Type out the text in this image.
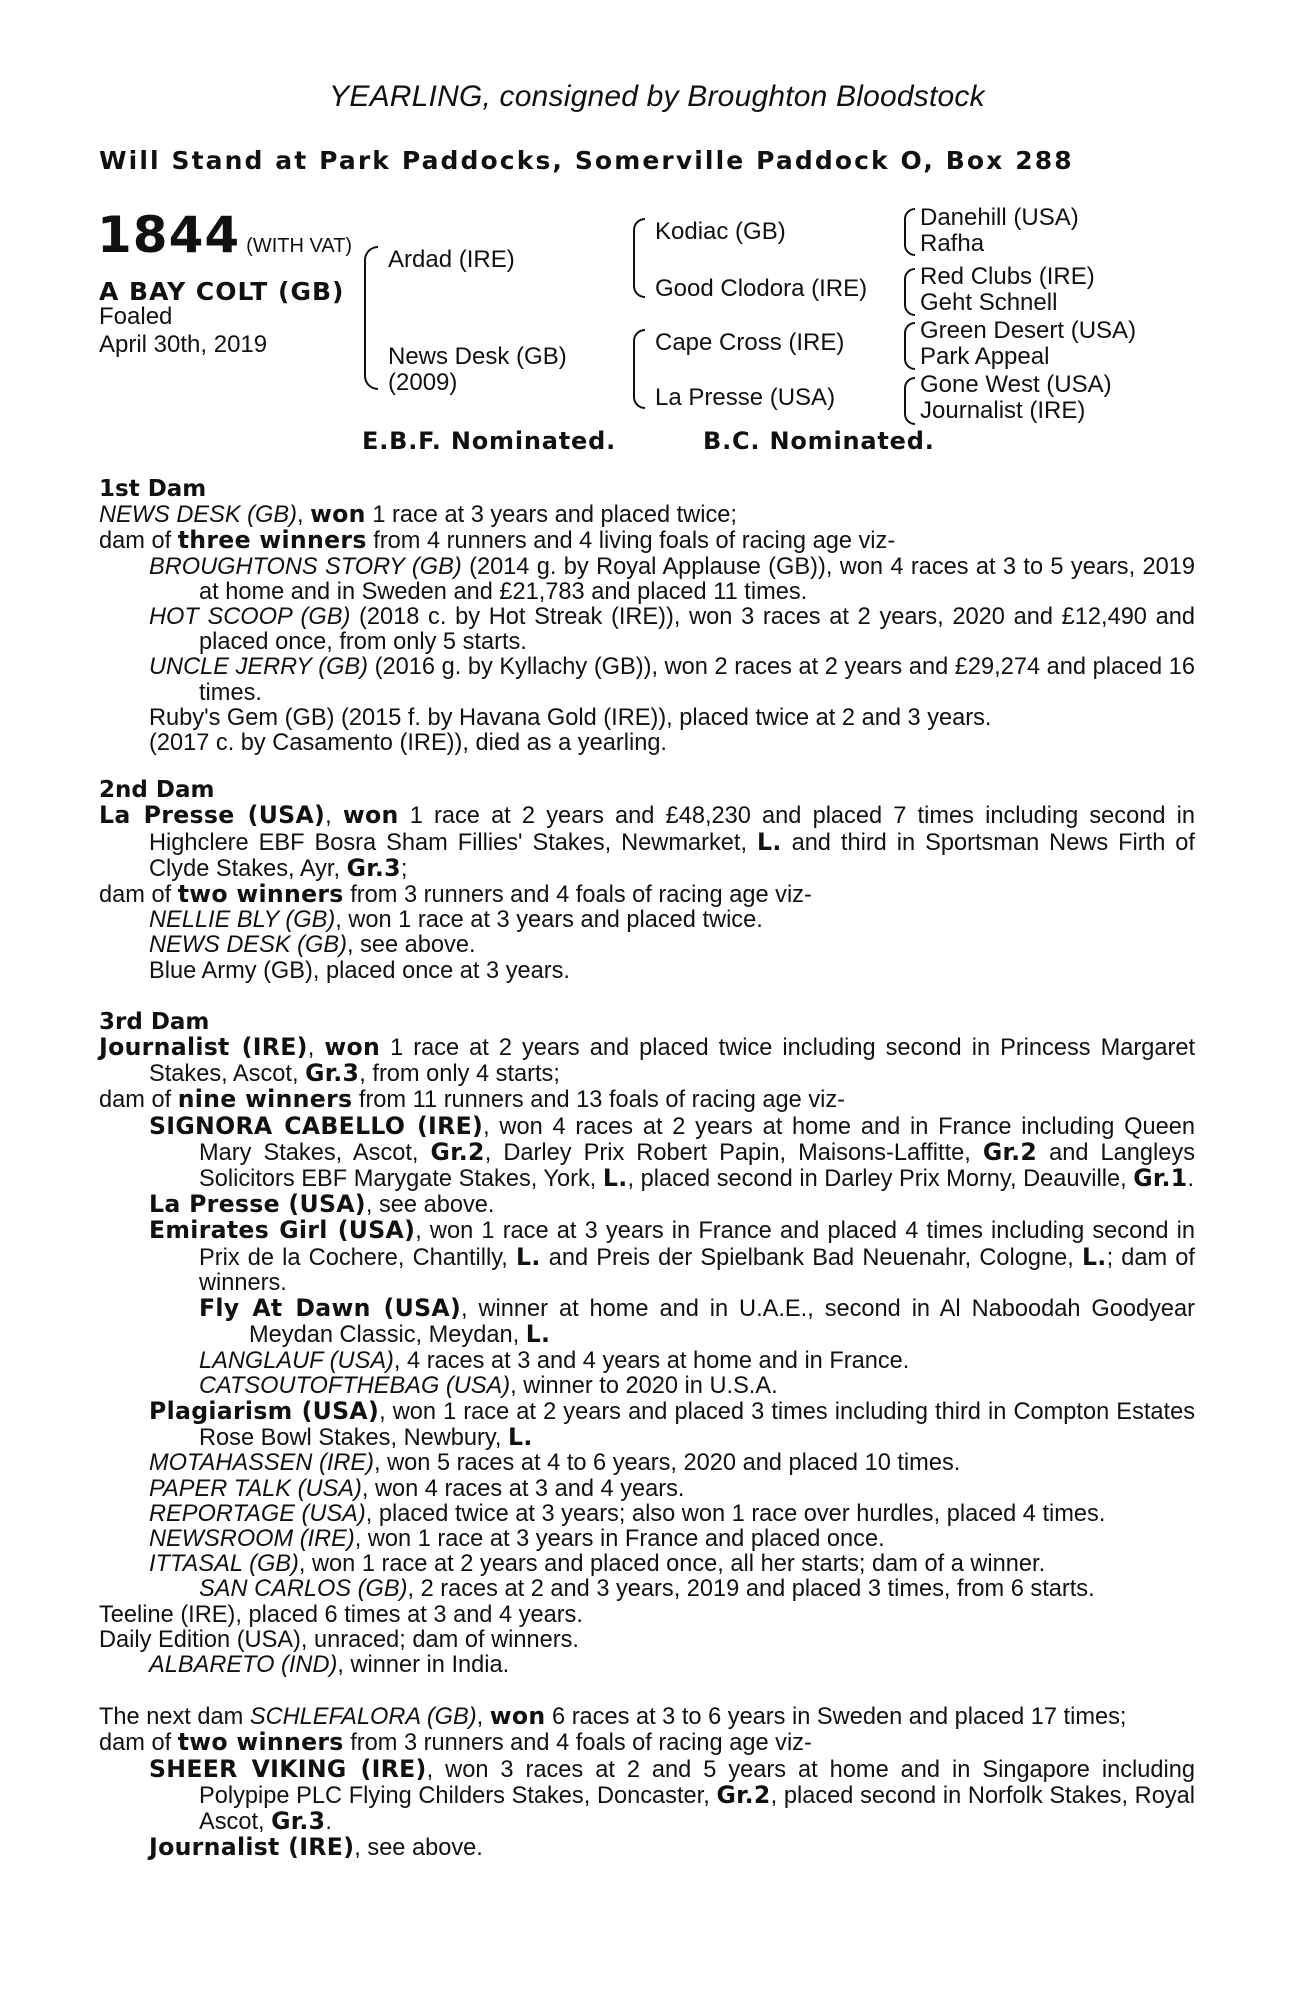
YEARLING, consigned by Broughton Bloodstock
Will Stand at Park Paddocks, Somerville Paddock O, Box 288
1844 (WITH VAT)
A BAY COLT (GB)
Foaled
April 30th, 2019
Ardad (IRE)
News Desk (GB)
(2009)
Kodiac (GB)
Good Clodora (IRE)
Cape Cross (IRE)
La Presse (USA)
Danehill (USA)
Rafha
Red Clubs (IRE)
Geht Schnell
Green Desert (USA)
Park Appeal
Gone West (USA)
Journalist (IRE)
E.B.F. Nominated.	B.C. Nominated.
1st Dam
NEWS DESK (GB), won 1 race at 3 years and placed twice;
dam of three winners from 4 runners and 4 living foals of racing age viz-
BROUGHTONS STORY (GB) (2014 g. by Royal Applause (GB)), won 4 races at 3 to 5 years, 2019 at home and in Sweden and £21,783 and placed 11 times.
HOT SCOOP (GB) (2018 c. by Hot Streak (IRE)), won 3 races at 2 years, 2020 and £12,490 and placed once, from only 5 starts.
UNCLE JERRY (GB) (2016 g. by Kyllachy (GB)), won 2 races at 2 years and £29,274 and placed 16 times.
Ruby's Gem (GB) (2015 f. by Havana Gold (IRE)), placed twice at 2 and 3 years.
(2017 c. by Casamento (IRE)), died as a yearling.
2nd Dam
La Presse (USA), won 1 race at 2 years and £48,230 and placed 7 times including second in Highclere EBF Bosra Sham Fillies' Stakes, Newmarket, L. and third in Sportsman News Firth of Clyde Stakes, Ayr, Gr.3;
dam of two winners from 3 runners and 4 foals of racing age viz-
NELLIE BLY (GB), won 1 race at 3 years and placed twice.
NEWS DESK (GB), see above.
Blue Army (GB), placed once at 3 years.
3rd Dam
Journalist (IRE), won 1 race at 2 years and placed twice including second in Princess Margaret Stakes, Ascot, Gr.3, from only 4 starts;
dam of nine winners from 11 runners and 13 foals of racing age viz-
SIGNORA CABELLO (IRE), won 4 races at 2 years at home and in France including Queen Mary Stakes, Ascot, Gr.2, Darley Prix Robert Papin, Maisons-Laffitte, Gr.2 and Langleys Solicitors EBF Marygate Stakes, York, L., placed second in Darley Prix Morny, Deauville, Gr.1.
La Presse (USA), see above.
Emirates Girl (USA), won 1 race at 3 years in France and placed 4 times including second in Prix de la Cochere, Chantilly, L. and Preis der Spielbank Bad Neuenahr, Cologne, L.; dam of winners.
Fly At Dawn (USA), winner at home and in U.A.E., second in Al Naboodah Goodyear Meydan Classic, Meydan, L.
LANGLAUF (USA), 4 races at 3 and 4 years at home and in France.
CATSOUTOFTHEBAG (USA), winner to 2020 in U.S.A.
Plagiarism (USA), won 1 race at 2 years and placed 3 times including third in Compton Estates Rose Bowl Stakes, Newbury, L.
MOTAHASSEN (IRE), won 5 races at 4 to 6 years, 2020 and placed 10 times.
PAPER TALK (USA), won 4 races at 3 and 4 years.
REPORTAGE (USA), placed twice at 3 years; also won 1 race over hurdles, placed 4 times.
NEWSROOM (IRE), won 1 race at 3 years in France and placed once.
ITTASAL (GB), won 1 race at 2 years and placed once, all her starts; dam of a winner.
SAN CARLOS (GB), 2 races at 2 and 3 years, 2019 and placed 3 times, from 6 starts.
Teeline (IRE), placed 6 times at 3 and 4 years.
Daily Edition (USA), unraced; dam of winners.
ALBARETO (IND), winner in India.
The next dam SCHLEFALORA (GB), won 6 races at 3 to 6 years in Sweden and placed 17 times;
dam of two winners from 3 runners and 4 foals of racing age viz-
SHEER VIKING (IRE), won 3 races at 2 and 5 years at home and in Singapore including Polypipe PLC Flying Childers Stakes, Doncaster, Gr.2, placed second in Norfolk Stakes, Royal Ascot, Gr.3.
Journalist (IRE), see above.
